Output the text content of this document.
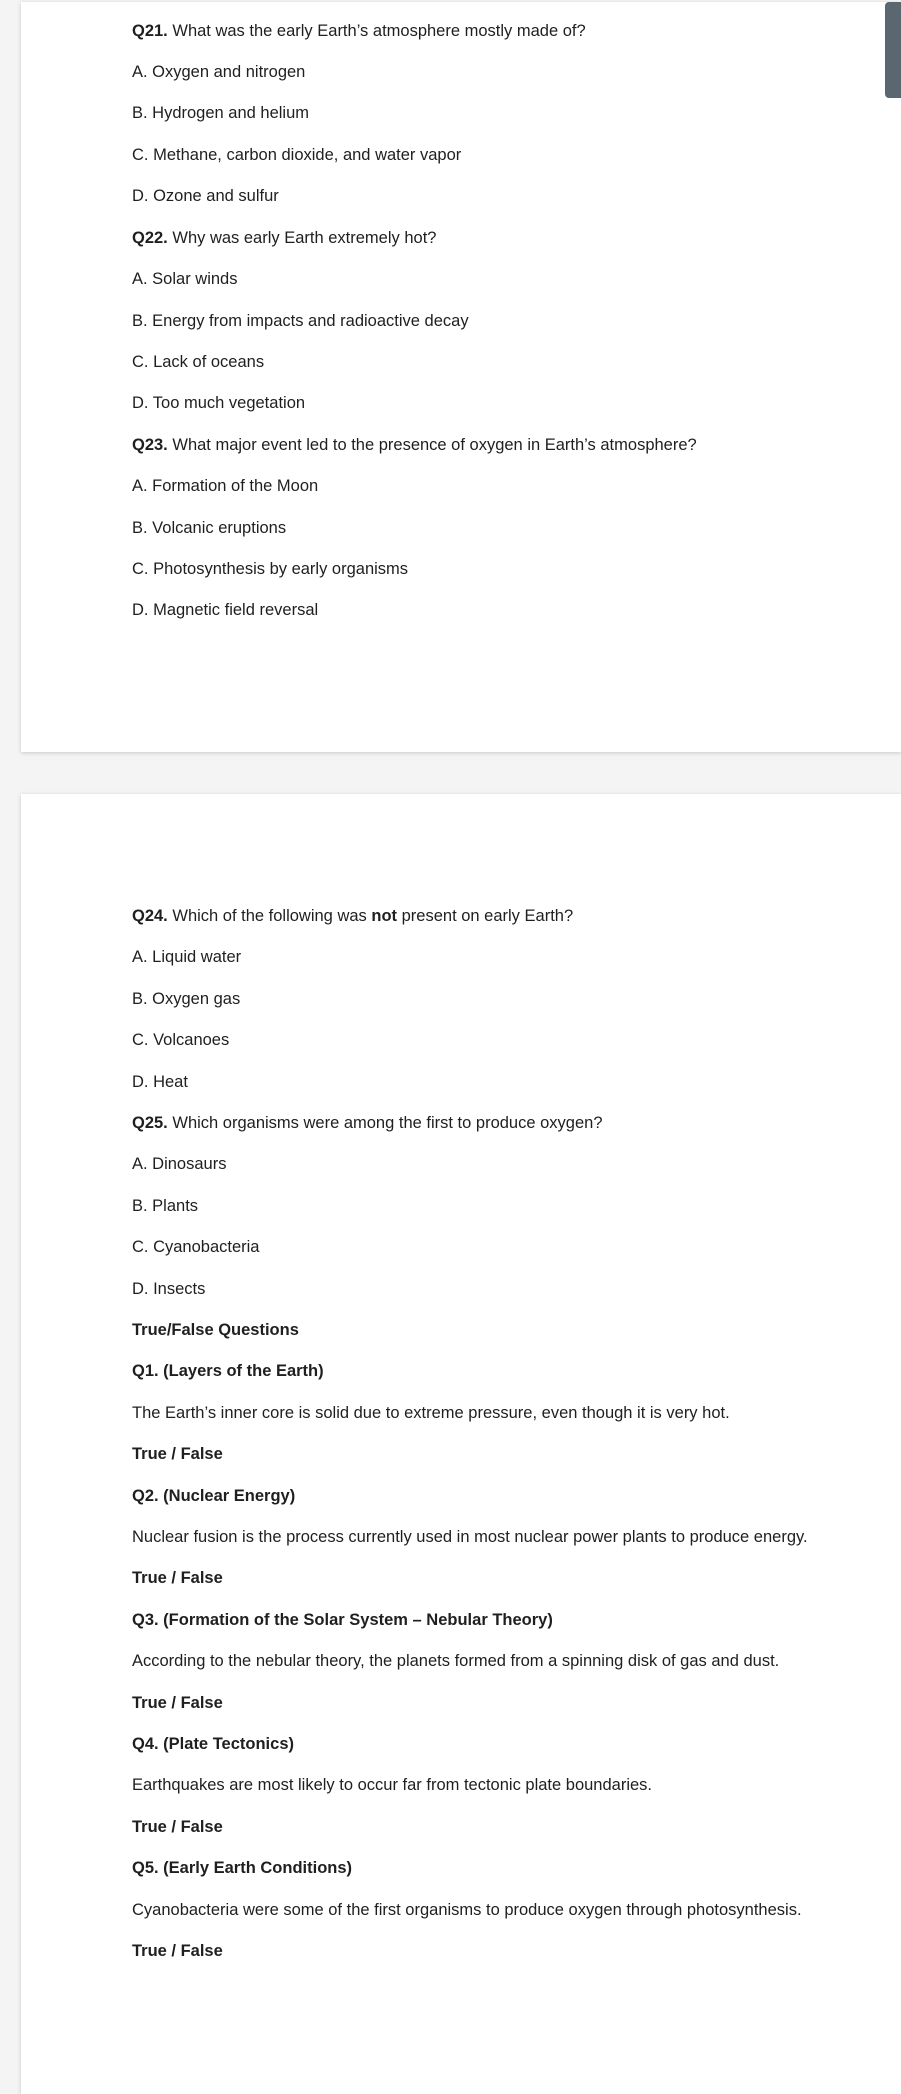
Q21. What was the early Earth’s atmosphere mostly made of?
A. Oxygen and nitrogen
B. Hydrogen and helium
C. Methane, carbon dioxide, and water vapor
D. Ozone and sulfur
Q22. Why was early Earth extremely hot?
A. Solar winds
B. Energy from impacts and radioactive decay
C. Lack of oceans
D. Too much vegetation
Q23. What major event led to the presence of oxygen in Earth’s atmosphere?
A. Formation of the Moon
B. Volcanic eruptions
C. Photosynthesis by early organisms
D. Magnetic field reversal
Q24. Which of the following was not present on early Earth?
A. Liquid water
B. Oxygen gas
C. Volcanoes
D. Heat
Q25. Which organisms were among the first to produce oxygen?
A. Dinosaurs
B. Plants
C. Cyanobacteria
D. Insects
True/False Questions
Q1. (Layers of the Earth)
The Earth’s inner core is solid due to extreme pressure, even though it is very hot.
True / False
Q2. (Nuclear Energy)
Nuclear fusion is the process currently used in most nuclear power plants to produce energy.
True / False
Q3. (Formation of the Solar System – Nebular Theory)
According to the nebular theory, the planets formed from a spinning disk of gas and dust.
True / False
Q4. (Plate Tectonics)
Earthquakes are most likely to occur far from tectonic plate boundaries.
True / False
Q5. (Early Earth Conditions)
Cyanobacteria were some of the first organisms to produce oxygen through photosynthesis.
True / False
